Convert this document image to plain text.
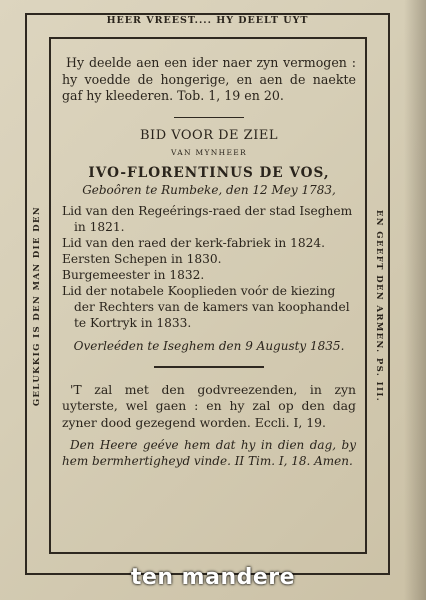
HEER VREEST.... HY DEELT UYT
GELUKKIG IS DEN MAN DIE DEN	EN GEEFT DEN ARMEN. PS. III.
Hy deelde aen een ider naer zyn vermogen : hy voedde de hongerige, en aen de naekte gaf hy kleederen. Tob. 1, 19 en 20.
BID VOOR DE ZIEL
VAN MYNHEER
IVO-FLORENTINUS DE VOS,
Geboôren te Rumbeke, den 12 Mey 1783,
Lid van den Regeérings-raed der stad Iseghem in 1821.
Lid van den raed der kerk-fabriek in 1824.
Eersten Schepen in 1830.
Burgemeester in 1832.
Lid der notabele Koopliеden voór de kiezing der Rechters van de kamers van koophandel te Kortryk in 1833.
Overleéden te Iseghem den 9 Augusty 1835.
'T zal met den godvreezenden, in zyn uyterste, wel gaen : en hy zal op den dag zyner dood gezegend worden. Eccli. I, 19.
Den Heere geéve hem dat hy in dien dag, by hem bermhertigheyd vinde. II Tim. I, 18. Amen.
ten mandere
